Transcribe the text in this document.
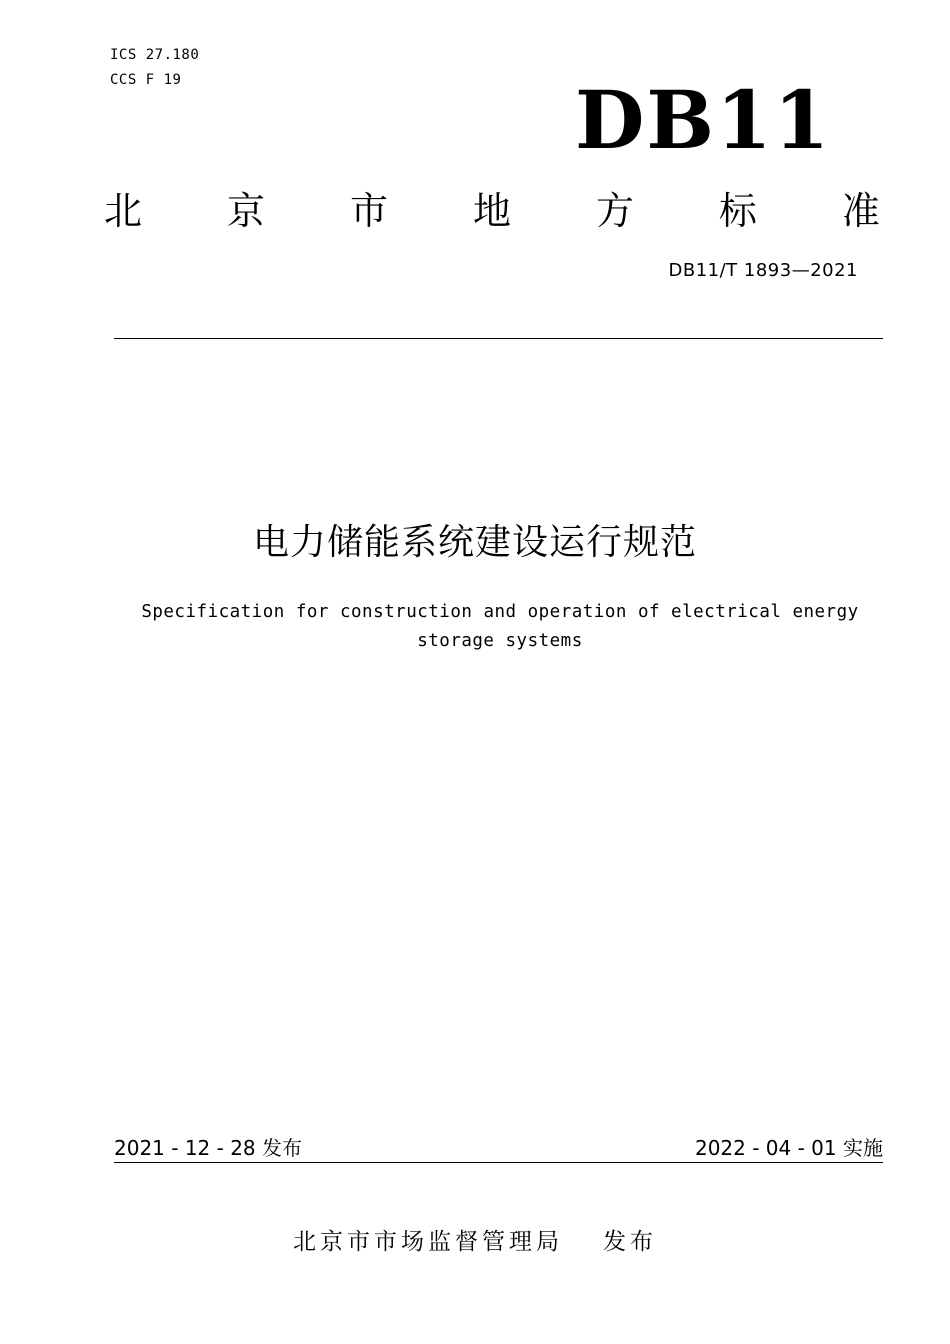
ICS 27.180
CCS F 19	DB11
北 京 市 地 方 标 准
DB11/T 1893—2021
电力储能系统建设运行规范
Specification for construction and operation of electrical energy
storage systems
2021 - 12 - 28 发布	2022 - 04 - 01 实施
北京市市场监督管理局 发布
